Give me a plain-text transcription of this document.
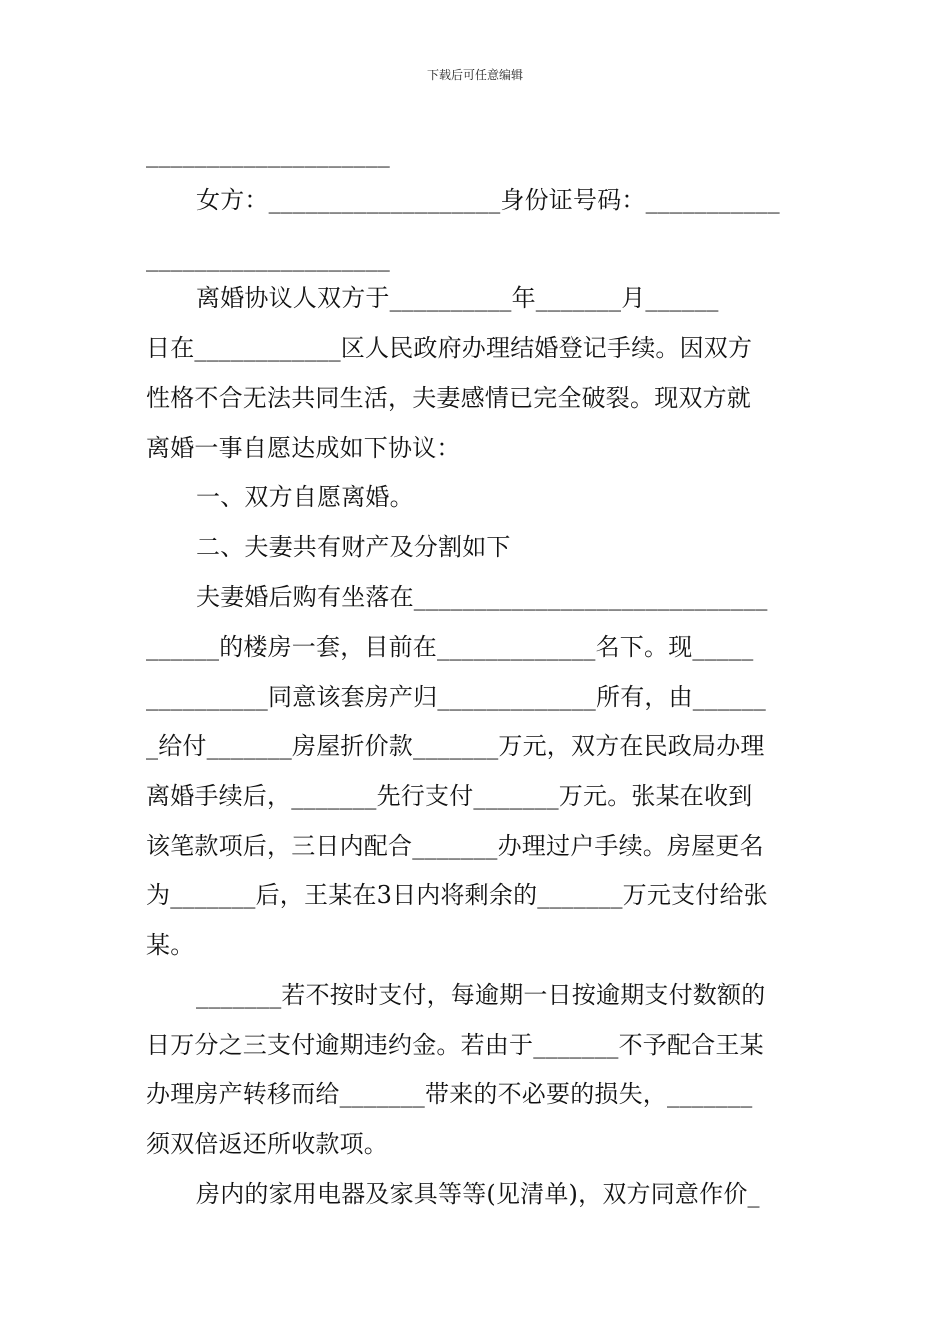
下载后可任意编辑
____________________
女方：___________________身份证号码：___________
____________________
离婚协议人双方于__________年_______月______
日在____________区人民政府办理结婚登记手续。因双方
性格不合无法共同生活，夫妻感情已完全破裂。现双方就
离婚一事自愿达成如下协议：
一、双方自愿离婚。
二、夫妻共有财产及分割如下
夫妻婚后购有坐落在_____________________________
______的楼房一套，目前在_____________名下。现_____
__________同意该套房产归_____________所有，由______
_给付_______房屋折价款_______万元，双方在民政局办理
离婚手续后，_______先行支付_______万元。张某在收到
该笔款项后，三日内配合_______办理过户手续。房屋更名
为_______后，王某在3日内将剩余的_______万元支付给张
某。
_______若不按时支付，每逾期一日按逾期支付数额的
日万分之三支付逾期违约金。若由于_______不予配合王某
办理房产转移而给_______带来的不必要的损失，_______
须双倍返还所收款项。
房内的家用电器及家具等等(见清单)，双方同意作价_
